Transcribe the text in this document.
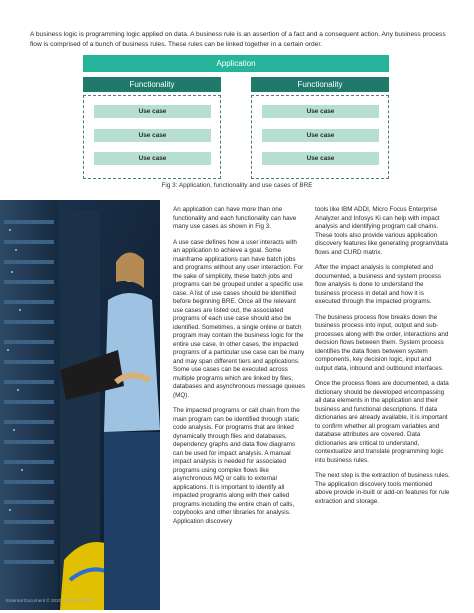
A business logic is programming logic applied on data. A business rule is an assertion of a fact and a consequent action. Any business process flow is comprised of a bunch of business rules. These rules can be linked together in a certain order.
Application
Functionality	Functionality
Use case
Use case
Use case
Use case
Use case
Use case
Fig 3: Application, functionality and use cases of BRE

An application can have more than one functionality and each functionality can have many use cases as shown in Fig 3.

A use case defines how a user interacts with an application to achieve a goal. Some mainframe applications can have batch jobs and programs without any user interaction. For the sake of simplicity, these batch jobs and programs can be grouped under a specific use case. A list of use cases should be identified before beginning BRE. Once all the relevant use cases are listed out, the associated programs of each use case should also be identified. Sometimes, a single online or batch program may contain the business logic for the entire use case. In other cases, the impacted programs of a particular use case can be many and may span different tiers and applications. Some use cases can be executed across multiple programs which are linked by files, databases and asynchronous message queues (MQ).

The impacted programs or call chain from the main program can be identified through static code analysis. For programs that are linked dynamically through files and databases, dependency graphs and data flow diagrams can be used for impact analysis. A manual impact analysis is needed for associated programs using complex flows like asynchronous MQ or calls to external applications. It is important to identify all impacted programs along with their called programs including the entire chain of calls, copybooks and other libraries for analysis. Application discovery

tools like IBM ADDI, Micro Focus Enterprise Analyzer and Infosys Ki can help with impact analysis and identifying program call chains. These tools also provide various application discovery features like generating program/data flows and CURD matrix.

After the impact analysis is completed and documented, a business and system process flow analysis is done to understand the business process in detail and how it is executed through the impacted programs.

The business process flow breaks down the business process into input, output and sub-processes along with the order, interactions and decision flows between them. System process identifies the data flows between system components, key decision logic, input and output data, inbound and outbound interfaces.

Once the process flows are documented, a data dictionary should be developed encompassing all data elements in the application and their business and functional descriptions. If data dictionaries are already available, it is important to confirm whether all program variables and database attributes are covered. Data dictionaries are critical to understand, contextualize and translate programming logic into business rules.

The next step is the extraction of business rules. The application discovery tools mentioned above provide in-built or add-on features for rule extraction and storage.

External Document © 2020 Infosys Limited
